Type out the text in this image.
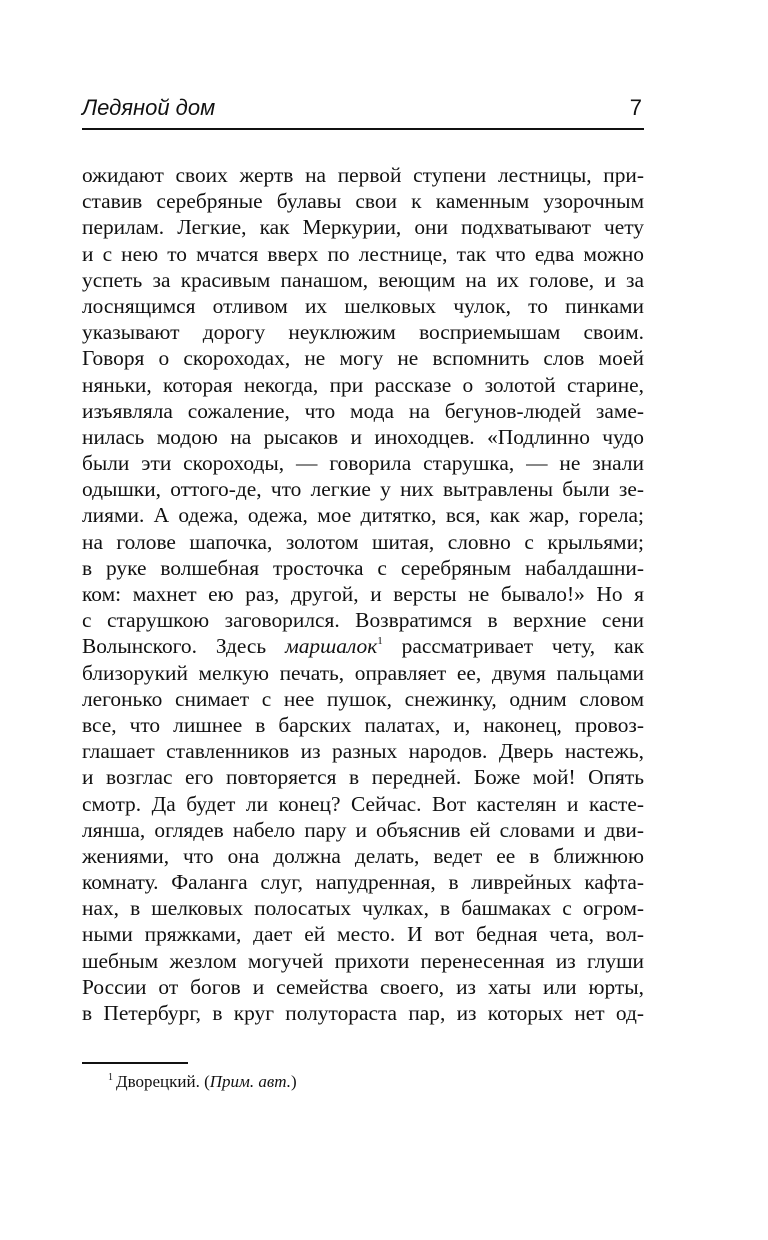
Ледяной дом	7
ожидают своих жертв на первой ступени лестницы, при-
ставив серебряные булавы свои к каменным узорочным
перилам. Легкие, как Меркурии, они подхватывают чету
и с нею то мчатся вверх по лестнице, так что едва можно
успеть за красивым панашом, веющим на их голове, и за
лоснящимся отливом их шелковых чулок, то пинками
указывают дорогу неуклюжим восприемышам своим.
Говоря о скороходах, не могу не вспомнить слов моей
няньки, которая некогда, при рассказе о золотой старине,
изъявляла сожаление, что мода на бегунов-людей заме-
нилась модою на рысаков и иноходцев. «Подлинно чудо
были эти скороходы, — говорила старушка, — не знали
одышки, оттого-де, что легкие у них вытравлены были зе-
лиями. А одежа, одежа, мое дитятко, вся, как жар, горела;
на голове шапочка, золотом шитая, словно с крыльями;
в руке волшебная тросточка с серебряным набалдашни-
ком: махнет ею раз, другой, и версты не бывало!» Но я
с старушкою заговорился. Возвратимся в верхние сени
Волынского. Здесь маршалок$^1$ рассматривает чету, как
близорукий мелкую печать, оправляет ее, двумя пальцами
легонько снимает с нее пушок, снежинку, одним словом
все, что лишнее в барских палатах, и, наконец, провоз-
глашает ставленников из разных народов. Дверь настежь,
и возглас его повторяется в передней. Боже мой! Опять
смотр. Да будет ли конец? Сейчас. Вот кастелян и касте-
лянша, оглядев набело пару и объяснив ей словами и дви-
жениями, что она должна делать, ведет ее в ближнюю
комнату. Фаланга слуг, напудренная, в ливрейных кафта-
нах, в шелковых полосатых чулках, в башмаках с огром-
ными пряжками, дает ей место. И вот бедная чета, вол-
шебным жезлом могучей прихоти перенесенная из глуши
России от богов и семейства своего, из хаты или юрты,
в Петербург, в круг полутораста пар, из которых нет од-
$^1$ Дворецкий. (Прим. авт.)
